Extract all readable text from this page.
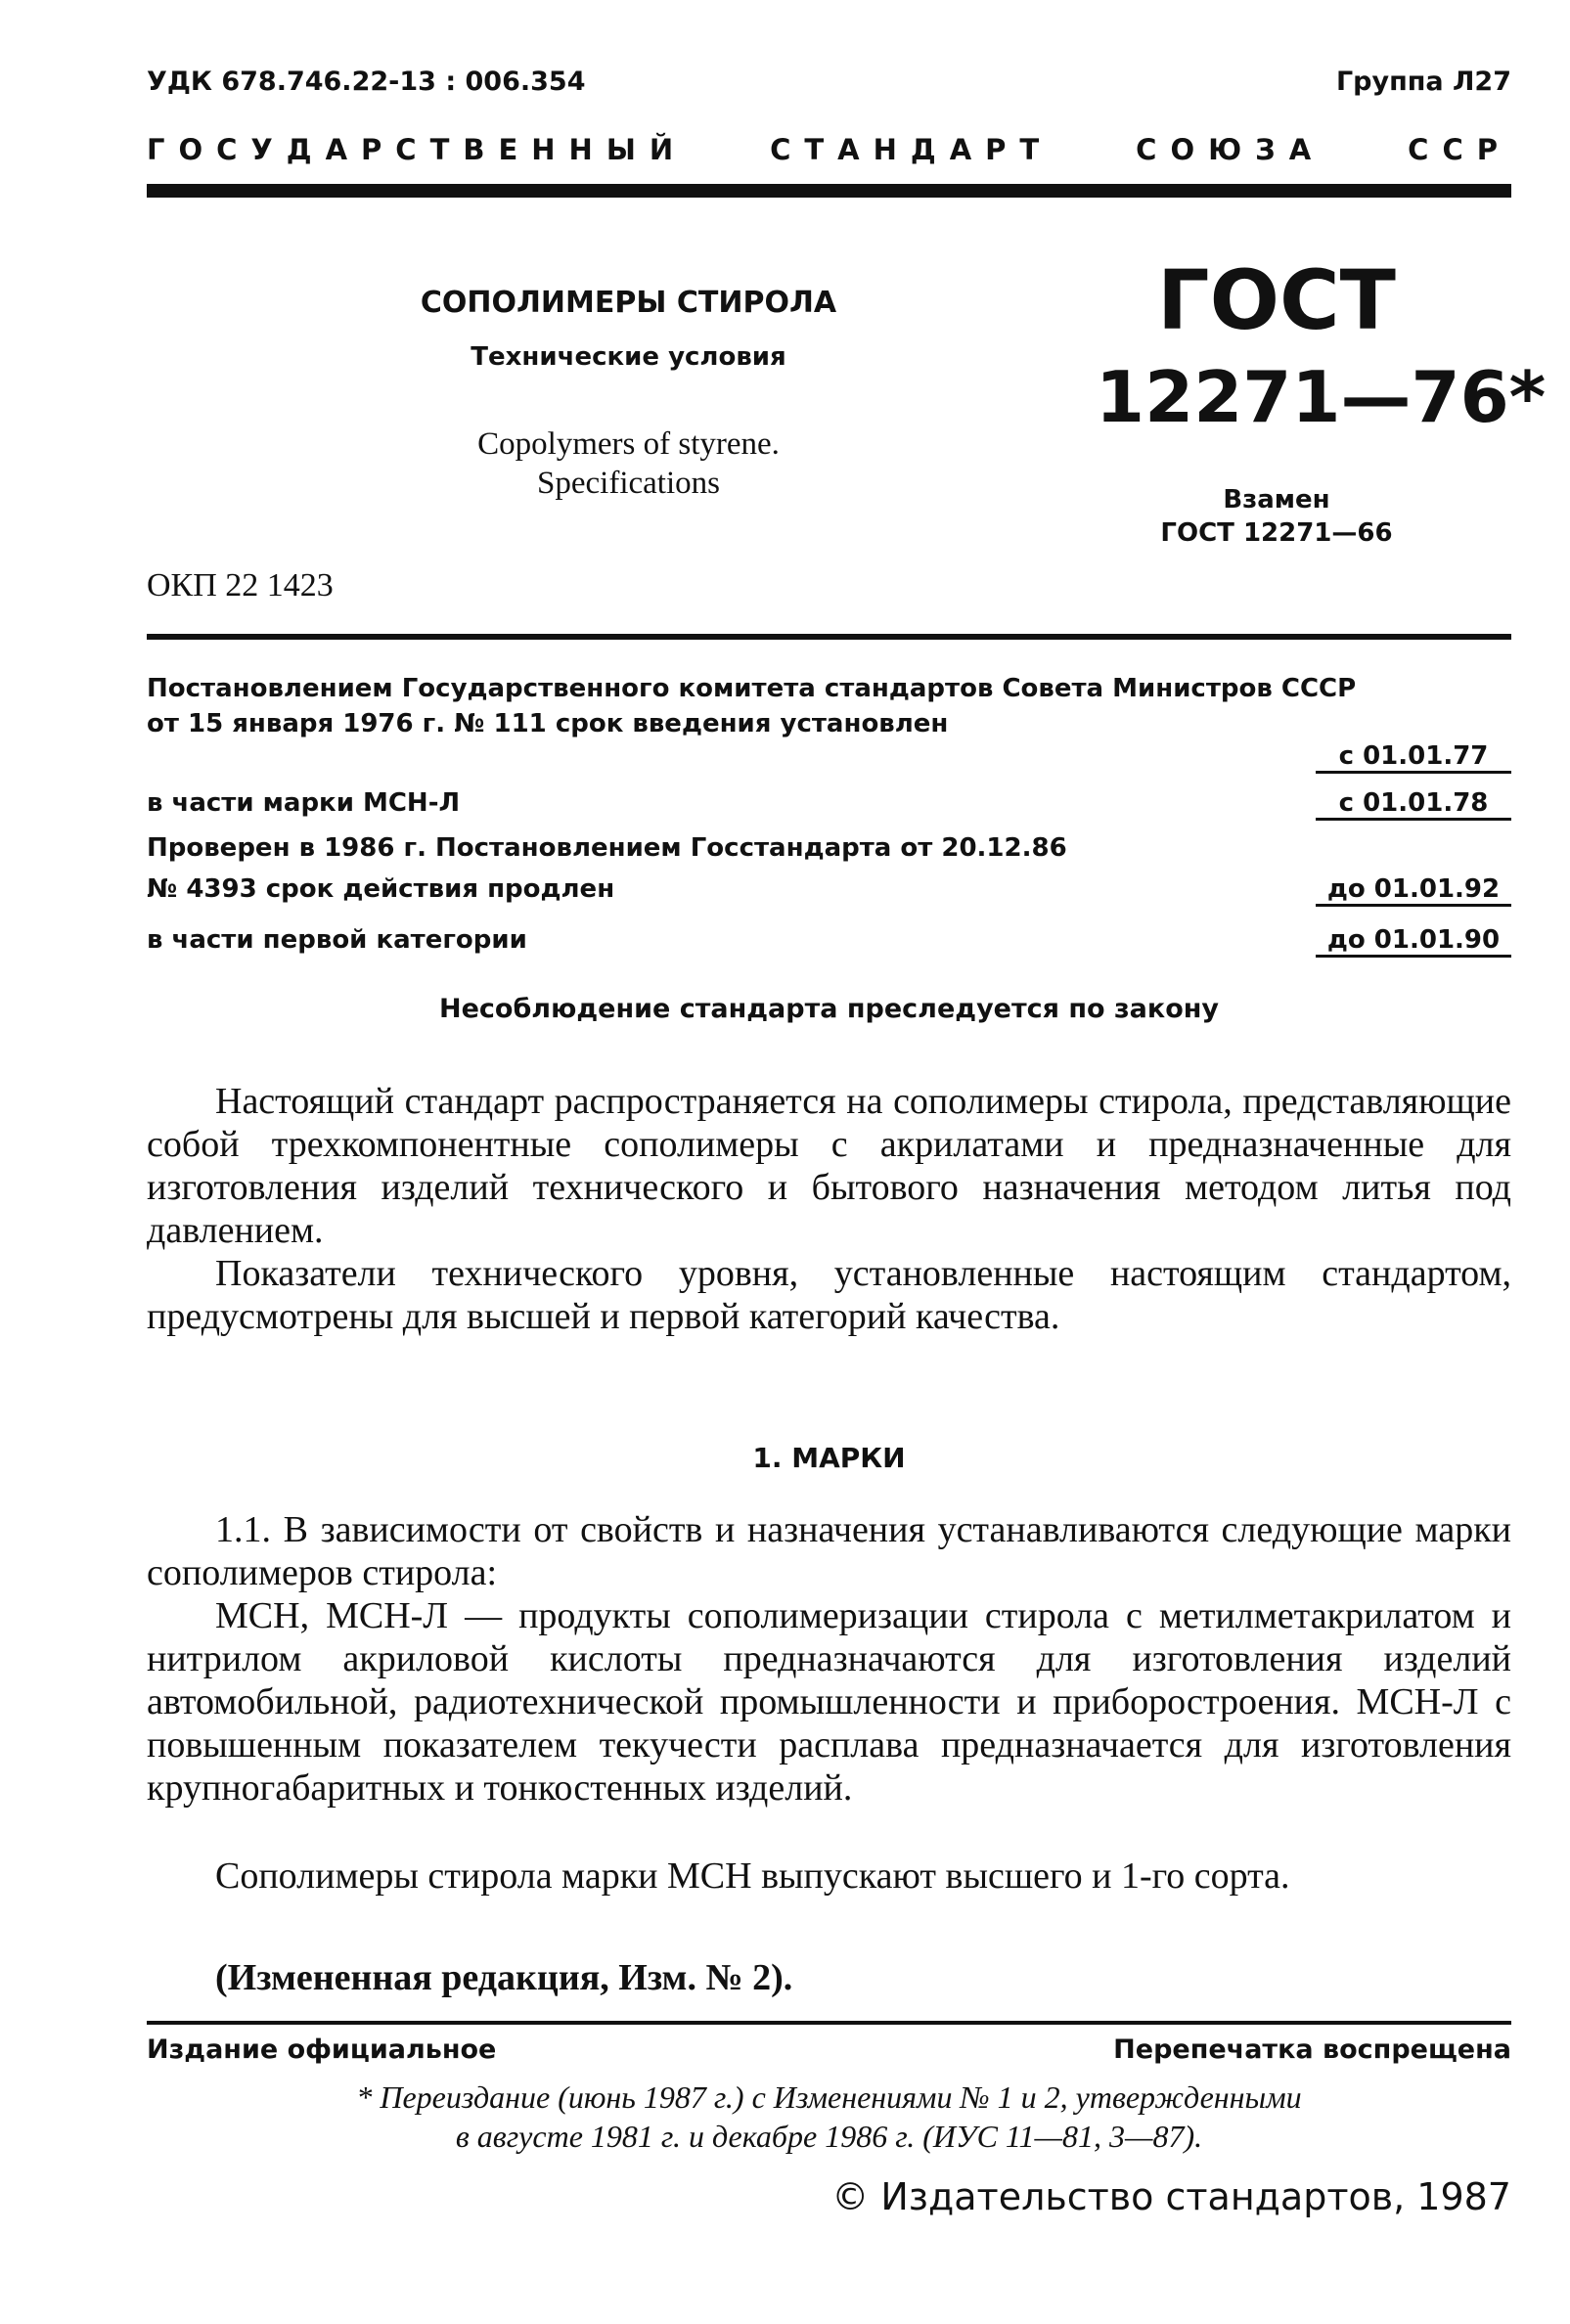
УДК 678.746.22-13 : 006.354	Группа Л27
ГОСУДАРСТВЕННЫЙ	СТАНДАРТ	СОЮЗА	ССР
СОПОЛИМЕРЫ СТИРОЛА
Технические условия
Copolymers of styrene.
Specifications
ГОСТ
12271—76*
Взамен
ГОСТ 12271—66
ОКП 22 1423
Постановлением Государственного комитета стандартов Совета Министров СССР
от 15 января 1976 г. № 111 срок введения установлен
с 01.01.77
в части марки МСН-Л	с 01.01.78
Проверен в 1986 г. Постановлением Госстандарта от 20.12.86
№ 4393 срок действия продлен	до 01.01.92
в части первой категории	до 01.01.90
Несоблюдение стандарта преследуется по закону
Настоящий стандарт распространяется на сополимеры стирола, представляющие собой трехкомпонентные сополимеры с акрилатами и предназначенные для изготовления изделий технического и бытового назначения методом литья под давлением.
Показатели технического уровня, установленные настоящим стандартом, предусмотрены для высшей и первой категорий качества.
1. МАРКИ
1.1. В зависимости от свойств и назначения устанавливаются следующие марки сополимеров стирола:
МСН, МСН-Л — продукты сополимеризации стирола с метилметакрилатом и нитрилом акриловой кислоты предназначаются для изготовления изделий автомобильной, радиотехнической промышленности и приборостроения. МСН-Л с повышенным показателем текучести расплава предназначается для изготовления крупногабаритных и тонкостенных изделий.
Сополимеры стирола марки МСН выпускают высшего и 1-го сорта.
(Измененная редакция, Изм. № 2).
Издание официальное	Перепечатка воспрещена
* Переиздание (июнь 1987 г.) с Изменениями № 1 и 2, утвержденными
в августе 1981 г. и декабре 1986 г. (ИУС 11—81, 3—87).
© Издательство стандартов, 1987
